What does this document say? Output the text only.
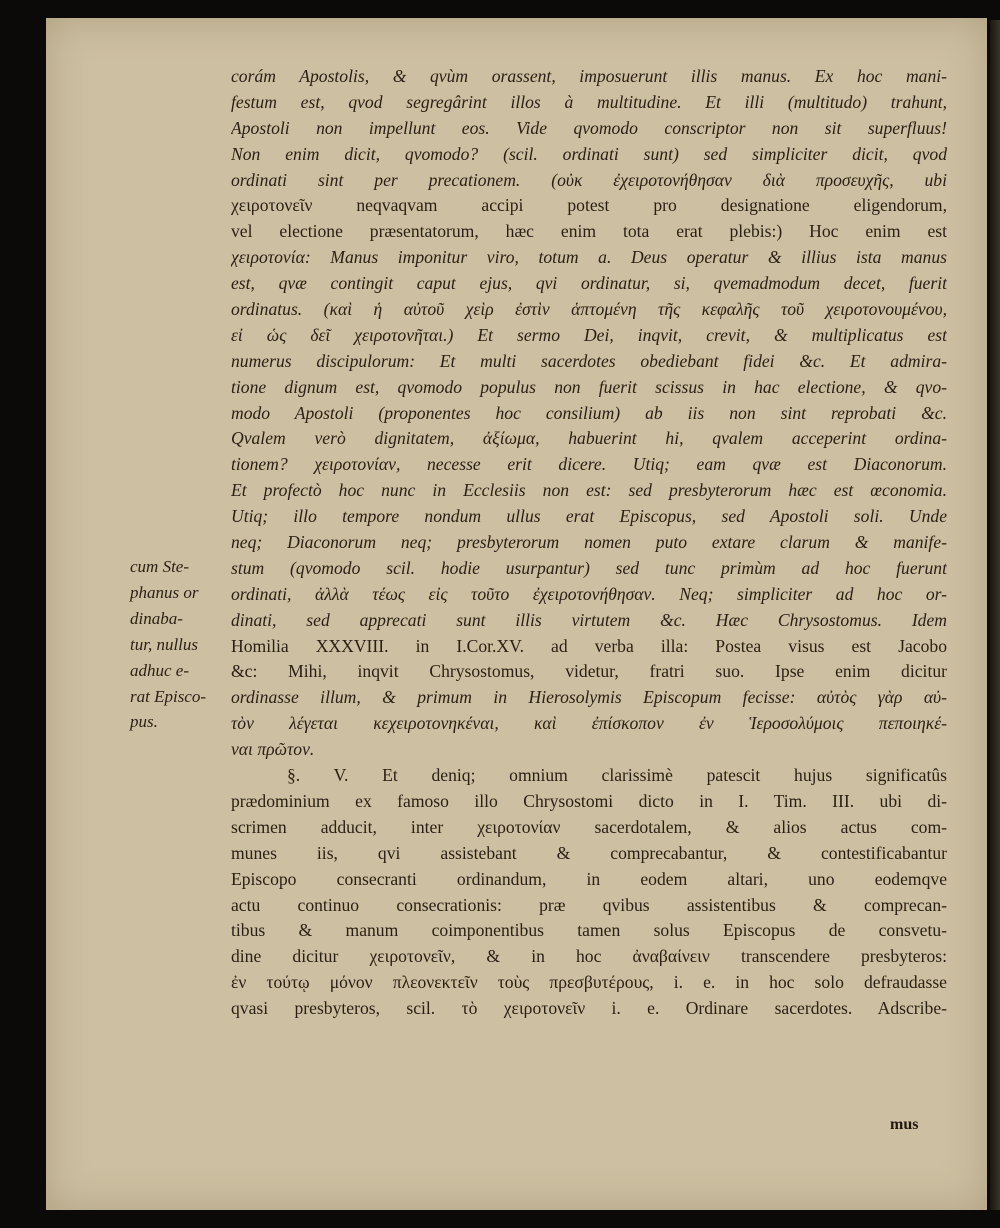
corám Apostolis, & qvùm orassent, imposuerunt illis manus. Ex hoc mani-
festum est, qvod segregârint illos à multitudine. Et illi (multitudo) trahunt,
Apostoli non impellunt eos. Vide qvomodo conscriptor non sit superfluus!
Non enim dicit, qvomodo? (scil. ordinati sunt) sed simpliciter dicit, qvod
ordinati sint per precationem. (οὐκ ἐχειροτονήθησαν διὰ προσευχῆς, ubi
χειροτονεῖν neqvaqvam accipi potest pro designatione eligendorum,
vel electione præsentatorum, hæc enim tota erat plebis:) Hoc enim est
χειροτονία: Manus imponitur viro, totum a. Deus operatur & illius ista manus
est, qvæ contingit caput ejus, qvi ordinatur, si, qvemadmodum decet, fuerit
ordinatus. (καὶ ἡ αὐτοῦ χεὶρ ἐστὶν ἁπτομένη τῆς κεφαλῆς τοῦ χειροτονουμένου,
εἰ ὡς δεῖ χειροτονῆται.) Et sermo Dei, inqvit, crevit, & multiplicatus est
numerus discipulorum: Et multi sacerdotes obediebant fidei &c. Et admira-
tione dignum est, qvomodo populus non fuerit scissus in hac electione, & qvo-
modo Apostoli (proponentes hoc consilium) ab iis non sint reprobati &c.
Qvalem verò dignitatem, ἀξίωμα, habuerint hi, qvalem acceperint ordina-
tionem? χειροτονίαν, necesse erit dicere. Utiq; eam qvæ est Diaconorum.
Et profectò hoc nunc in Ecclesiis non est: sed presbyterorum hæc est œconomia.
Utiq; illo tempore nondum ullus erat Episcopus, sed Apostoli soli. Unde
neq; Diaconorum neq; presbyterorum nomen puto extare clarum & manife-
stum (qvomodo scil. hodie usurpantur) sed tunc primùm ad hoc fuerunt
ordinati, ἀλλὰ τέως εἰς τοῦτο ἐχειροτονήθησαν. Neq; simpliciter ad hoc or-
dinati, sed apprecati sunt illis virtutem &c. Hæc Chrysostomus. Idem
Homilia XXXVIII. in I.Cor.XV. ad verba illa: Postea visus est Jacobo
&c: Mihi, inqvit Chrysostomus, videtur, fratri suo. Ipse enim dicitur
ordinasse illum, & primum in Hierosolymis Episcopum fecisse: αὐτὸς γὰρ αὐ-
τὸν λέγεται κεχειροτονηκέναι, καὶ ἐπίσκοπον ἐν Ἱεροσολύμοις πεποιηκέ-
ναι πρῶτον.
§. V. Et deniq; omnium clarissimè patescit hujus significatûs
prædominium ex famoso illo Chrysostomi dicto in I. Tim. III. ubi di-
scrimen adducit, inter χειροτονίαν sacerdotalem, & alios actus com-
munes iis, qvi assistebant & comprecabantur, & contestificabantur
Episcopo consecranti ordinandum, in eodem altari, uno eodemqve
actu continuo consecrationis: præ qvibus assistentibus & comprecan-
tibus & manum coimponentibus tamen solus Episcopus de consvetu-
dine dicitur χειροτονεῖν, & in hoc ἀναβαίνειν transcendere presbyteros:
ἐν τούτῳ μόνον πλεονεκτεῖν τοὺς πρεσβυτέρους, i. e. in hoc solo defraudasse
qvasi presbyteros, scil. τὸ χειροτονεῖν i. e. Ordinare sacerdotes. Adscribe-
cum Ste-
phanus or
dinaba-
tur, nullus
adhuc e-
rat Episco-
pus.
mus
